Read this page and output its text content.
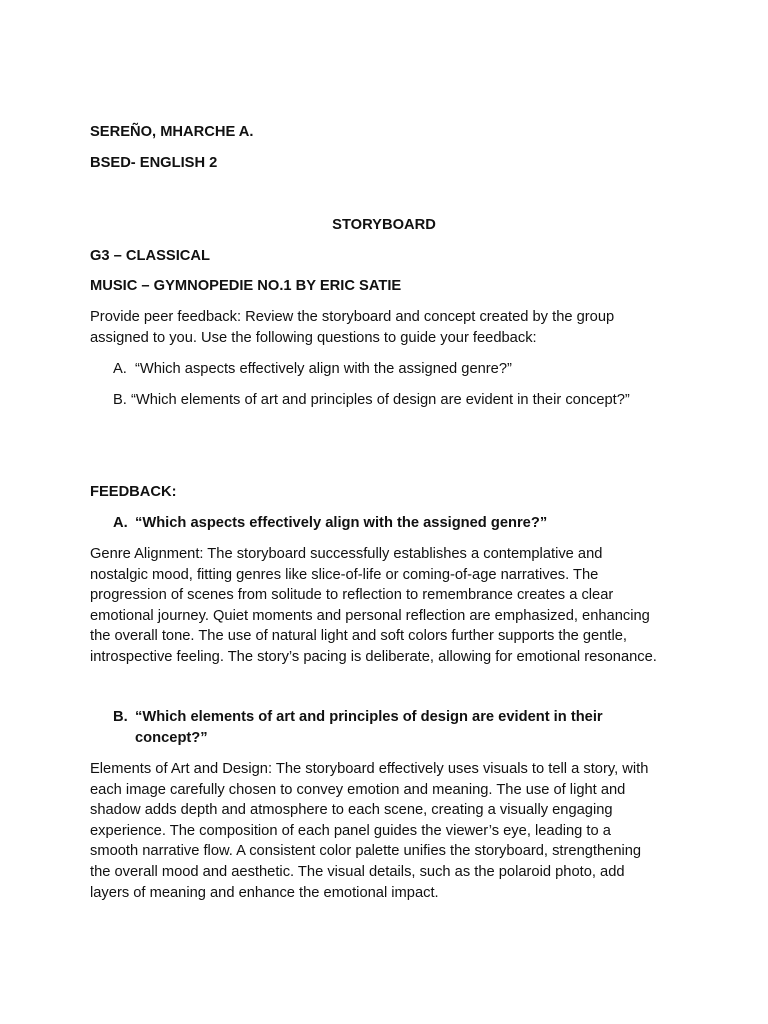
SEREÑO, MHARCHE A.
BSED- ENGLISH 2
STORYBOARD
G3 – CLASSICAL
MUSIC – GYMNOPEDIE NO.1 BY ERIC SATIE
Provide peer feedback: Review the storyboard and concept created by the group
assigned to you. Use the following questions to guide your feedback:
A. “Which aspects effectively align with the assigned genre?”
B. “Which elements of art and principles of design are evident in their concept?”
FEEDBACK:
A. “Which aspects effectively align with the assigned genre?”
Genre Alignment: The storyboard successfully establishes a contemplative and
nostalgic mood, fitting genres like slice-of-life or coming-of-age narratives. The
progression of scenes from solitude to reflection to remembrance creates a clear
emotional journey. Quiet moments and personal reflection are emphasized, enhancing
the overall tone. The use of natural light and soft colors further supports the gentle,
introspective feeling. The story’s pacing is deliberate, allowing for emotional resonance.
B. “Which elements of art and principles of design are evident in their
concept?”
Elements of Art and Design: The storyboard effectively uses visuals to tell a story, with
each image carefully chosen to convey emotion and meaning. The use of light and
shadow adds depth and atmosphere to each scene, creating a visually engaging
experience. The composition of each panel guides the viewer’s eye, leading to a
smooth narrative flow. A consistent color palette unifies the storyboard, strengthening
the overall mood and aesthetic. The visual details, such as the polaroid photo, add
layers of meaning and enhance the emotional impact.
